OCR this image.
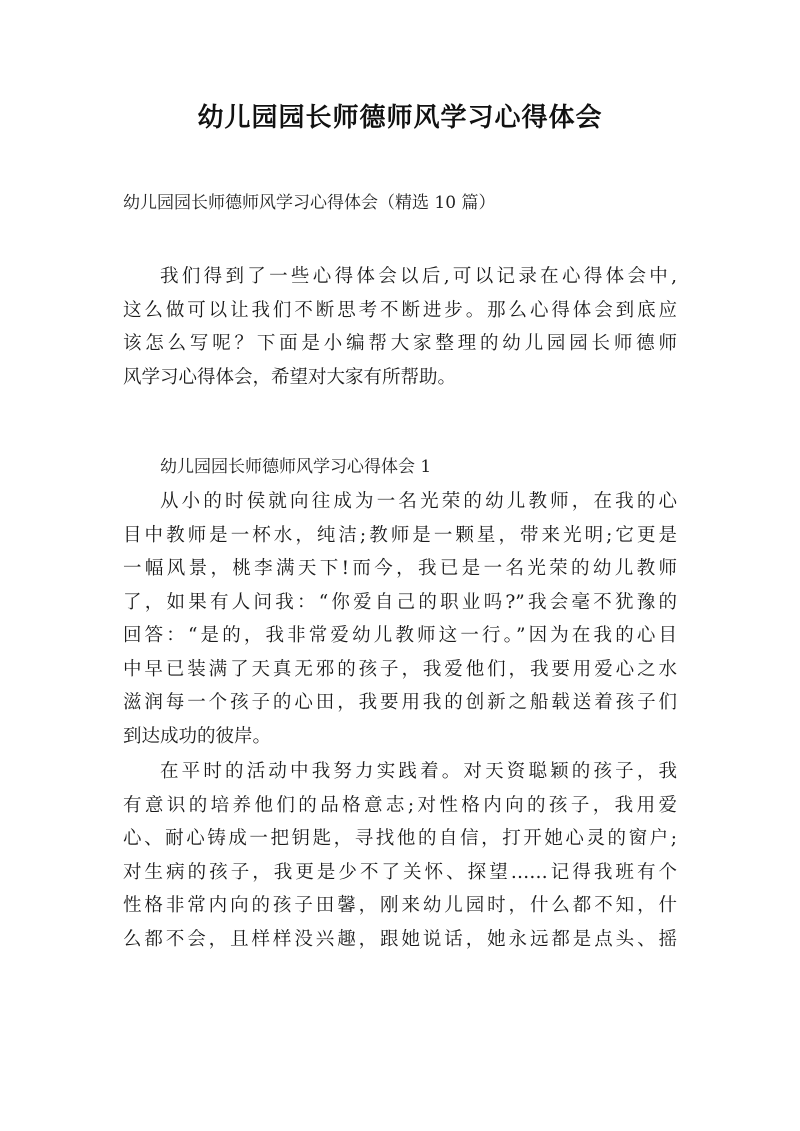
幼儿园园长师德师风学习心得体会
幼儿园园长师德师风学习心得体会（精选 10 篇）
我们得到了一些心得体会以后,可以记录在心得体会中,
这么做可以让我们不断思考不断进步。那么心得体会到底应
该怎么写呢？下面是小编帮大家整理的幼儿园园长师德师
风学习心得体会，希望对大家有所帮助。
幼儿园园长师德师风学习心得体会 1
从小的时侯就向往成为一名光荣的幼儿教师，在我的心
目中教师是一杯水，纯洁;教师是一颗星，带来光明;它更是
一幅风景，桃李满天下!而今，我已是一名光荣的幼儿教师
了，如果有人问我：“你爱自己的职业吗?”我会毫不犹豫的
回答：“是的，我非常爱幼儿教师这一行。”因为在我的心目
中早已装满了天真无邪的孩子，我爱他们，我要用爱心之水
滋润每一个孩子的心田，我要用我的创新之船载送着孩子们
到达成功的彼岸。
在平时的活动中我努力实践着。对天资聪颖的孩子，我
有意识的培养他们的品格意志;对性格内向的孩子，我用爱
心、耐心铸成一把钥匙，寻找他的自信，打开她心灵的窗户;
对生病的孩子，我更是少不了关怀、探望……记得我班有个
性格非常内向的孩子田馨，刚来幼儿园时，什么都不知，什
么都不会，且样样没兴趣，跟她说话，她永远都是点头、摇
